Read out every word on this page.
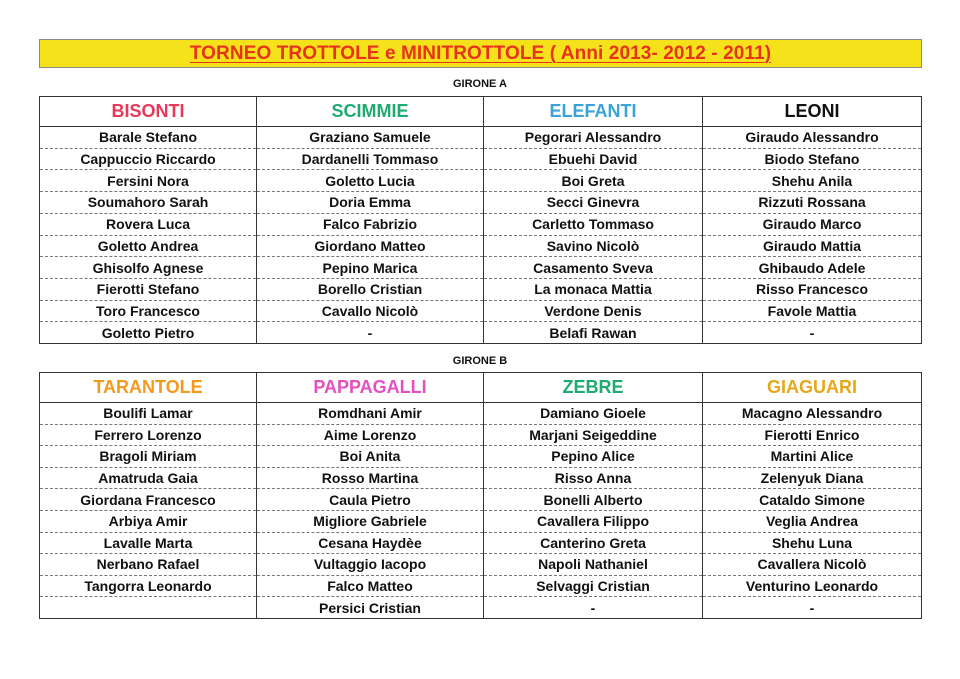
TORNEO TROTTOLE e MINITROTTOLE ( Anni 2013- 2012 - 2011)
GIRONE A
BISONTI
Barale Stefano
Cappuccio Riccardo
Fersini Nora
Soumahoro Sarah
Rovera Luca
Goletto Andrea
Ghisolfo Agnese
Fierotti Stefano
Toro Francesco
Goletto Pietro
SCIMMIE
Graziano Samuele
Dardanelli Tommaso
Goletto Lucia
Doria Emma
Falco Fabrizio
Giordano Matteo
Pepino Marica
Borello Cristian
Cavallo Nicolò
-
ELEFANTI
Pegorari Alessandro
Ebuehi David
Boi Greta
Secci Ginevra
Carletto Tommaso
Savino Nicolò
Casamento Sveva
La monaca Mattia
Verdone Denis
Belafi Rawan
LEONI
Giraudo Alessandro
Biodo Stefano
Shehu Anila
Rizzuti Rossana
Giraudo Marco
Giraudo Mattia
Ghibaudo Adele
Risso Francesco
Favole Mattia
-
GIRONE B
TARANTOLE
Boulifi Lamar
Ferrero Lorenzo
Bragoli Miriam
Amatruda Gaia
Giordana Francesco
Arbiya Amir
Lavalle Marta
Nerbano Rafael
Tangorra Leonardo
PAPPAGALLI
Romdhani Amir
Aime Lorenzo
Boi Anita
Rosso Martina
Caula Pietro
Migliore Gabriele
Cesana Haydèe
Vultaggio Iacopo
Falco Matteo
Persici Cristian
ZEBRE
Damiano Gioele
Marjani Seigeddine
Pepino Alice
Risso Anna
Bonelli Alberto
Cavallera Filippo
Canterino Greta
Napoli Nathaniel
Selvaggi Cristian
-
GIAGUARI
Macagno Alessandro
Fierotti Enrico
Martini Alice
Zelenyuk Diana
Cataldo Simone
Veglia Andrea
Shehu Luna
Cavallera Nicolò
Venturino Leonardo
-
